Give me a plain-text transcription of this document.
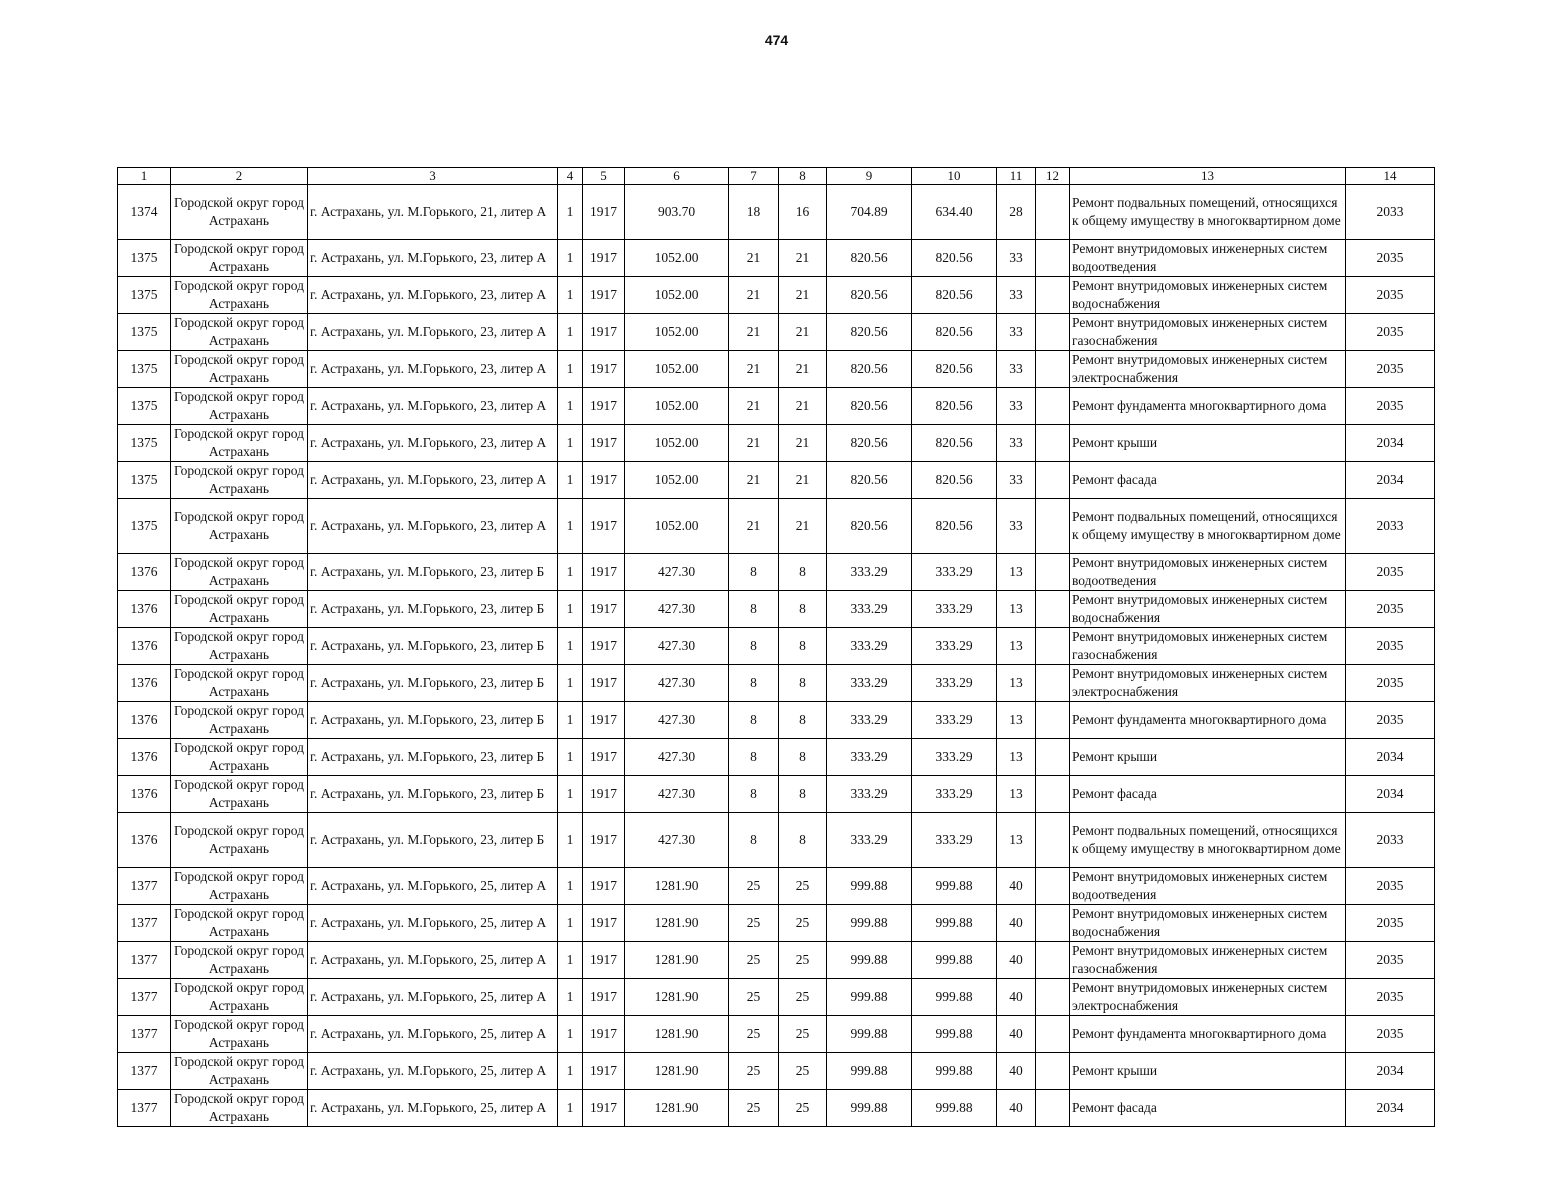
474
1	2	3	4	5	6	7	8	9	10	11	12	13	14
1374	Городской округ город Астрахань	г. Астрахань, ул. М.Горького, 21, литер А	1	1917	903.70	18	16	704.89	634.40	28		Ремонт подвальных помещений, относящихся к общему имуществу в многоквартирном доме	2033
1375	Городской округ город Астрахань	г. Астрахань, ул. М.Горького, 23, литер А	1	1917	1052.00	21	21	820.56	820.56	33		Ремонт внутридомовых инженерных систем водоотведения	2035
1375	Городской округ город Астрахань	г. Астрахань, ул. М.Горького, 23, литер А	1	1917	1052.00	21	21	820.56	820.56	33		Ремонт внутридомовых инженерных систем водоснабжения	2035
1375	Городской округ город Астрахань	г. Астрахань, ул. М.Горького, 23, литер А	1	1917	1052.00	21	21	820.56	820.56	33		Ремонт внутридомовых инженерных систем газоснабжения	2035
1375	Городской округ город Астрахань	г. Астрахань, ул. М.Горького, 23, литер А	1	1917	1052.00	21	21	820.56	820.56	33		Ремонт внутридомовых инженерных систем электроснабжения	2035
1375	Городской округ город Астрахань	г. Астрахань, ул. М.Горького, 23, литер А	1	1917	1052.00	21	21	820.56	820.56	33		Ремонт фундамента многоквартирного дома	2035
1375	Городской округ город Астрахань	г. Астрахань, ул. М.Горького, 23, литер А	1	1917	1052.00	21	21	820.56	820.56	33		Ремонт крыши	2034
1375	Городской округ город Астрахань	г. Астрахань, ул. М.Горького, 23, литер А	1	1917	1052.00	21	21	820.56	820.56	33		Ремонт фасада	2034
1375	Городской округ город Астрахань	г. Астрахань, ул. М.Горького, 23, литер А	1	1917	1052.00	21	21	820.56	820.56	33		Ремонт подвальных помещений, относящихся к общему имуществу в многоквартирном доме	2033
1376	Городской округ город Астрахань	г. Астрахань, ул. М.Горького, 23, литер Б	1	1917	427.30	8	8	333.29	333.29	13		Ремонт внутридомовых инженерных систем водоотведения	2035
1376	Городской округ город Астрахань	г. Астрахань, ул. М.Горького, 23, литер Б	1	1917	427.30	8	8	333.29	333.29	13		Ремонт внутридомовых инженерных систем водоснабжения	2035
1376	Городской округ город Астрахань	г. Астрахань, ул. М.Горького, 23, литер Б	1	1917	427.30	8	8	333.29	333.29	13		Ремонт внутридомовых инженерных систем газоснабжения	2035
1376	Городской округ город Астрахань	г. Астрахань, ул. М.Горького, 23, литер Б	1	1917	427.30	8	8	333.29	333.29	13		Ремонт внутридомовых инженерных систем электроснабжения	2035
1376	Городской округ город Астрахань	г. Астрахань, ул. М.Горького, 23, литер Б	1	1917	427.30	8	8	333.29	333.29	13		Ремонт фундамента многоквартирного дома	2035
1376	Городской округ город Астрахань	г. Астрахань, ул. М.Горького, 23, литер Б	1	1917	427.30	8	8	333.29	333.29	13		Ремонт крыши	2034
1376	Городской округ город Астрахань	г. Астрахань, ул. М.Горького, 23, литер Б	1	1917	427.30	8	8	333.29	333.29	13		Ремонт фасада	2034
1376	Городской округ город Астрахань	г. Астрахань, ул. М.Горького, 23, литер Б	1	1917	427.30	8	8	333.29	333.29	13		Ремонт подвальных помещений, относящихся к общему имуществу в многоквартирном доме	2033
1377	Городской округ город Астрахань	г. Астрахань, ул. М.Горького, 25, литер А	1	1917	1281.90	25	25	999.88	999.88	40		Ремонт внутридомовых инженерных систем водоотведения	2035
1377	Городской округ город Астрахань	г. Астрахань, ул. М.Горького, 25, литер А	1	1917	1281.90	25	25	999.88	999.88	40		Ремонт внутридомовых инженерных систем водоснабжения	2035
1377	Городской округ город Астрахань	г. Астрахань, ул. М.Горького, 25, литер А	1	1917	1281.90	25	25	999.88	999.88	40		Ремонт внутридомовых инженерных систем газоснабжения	2035
1377	Городской округ город Астрахань	г. Астрахань, ул. М.Горького, 25, литер А	1	1917	1281.90	25	25	999.88	999.88	40		Ремонт внутридомовых инженерных систем электроснабжения	2035
1377	Городской округ город Астрахань	г. Астрахань, ул. М.Горького, 25, литер А	1	1917	1281.90	25	25	999.88	999.88	40		Ремонт фундамента многоквартирного дома	2035
1377	Городской округ город Астрахань	г. Астрахань, ул. М.Горького, 25, литер А	1	1917	1281.90	25	25	999.88	999.88	40		Ремонт крыши	2034
1377	Городской округ город Астрахань	г. Астрахань, ул. М.Горького, 25, литер А	1	1917	1281.90	25	25	999.88	999.88	40		Ремонт фасада	2034
